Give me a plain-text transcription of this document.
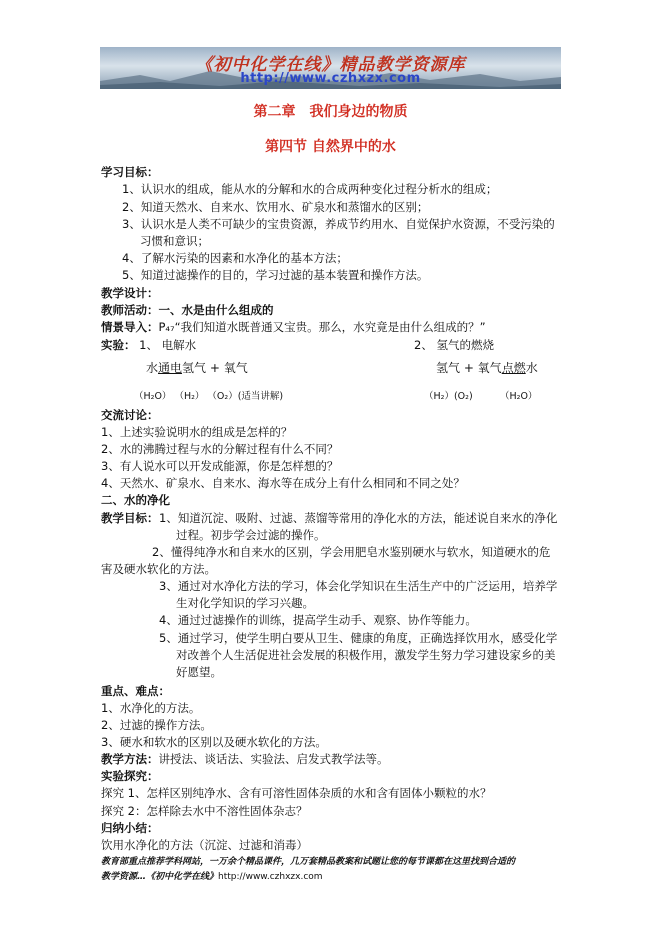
《初中化学在线》精品教学资源库
http://www.czhxzx.com
第二章　我们身边的物质
第四节 自然界中的水
学习目标：
1、认识水的组成，能从水的分解和水的合成两种变化过程分析水的组成；
2、知道天然水、自来水、饮用水、矿泉水和蒸馏水的区别；
3、认识水是人类不可缺少的宝贵资源，养成节约用水、自觉保护水资源，不受污染的
习惯和意识；
4、了解水污染的因素和水净化的基本方法；
5、知道过滤操作的目的，学习过滤的基本装置和操作方法。
教学设计：
教师活动：一、水是由什么组成的
情景导入：P₄₇“我们知道水既普通又宝贵。那么，水究竟是由什么组成的？”
实验： 1、 电解水	2、 氢气的燃烧
水通电氢气 + 氧气	氢气 + 氧气点燃水
（H₂O） （H₂） （O₂）(适当讲解)	（H₂）(O₂)	（H₂O）
交流讨论：
1、上述实验说明水的组成是怎样的？
2、水的沸腾过程与水的分解过程有什么不同？
3、有人说水可以开发成能源，你是怎样想的？
4、天然水、矿泉水、自来水、海水等在成分上有什么相同和不同之处？
二、水的净化
教学目标： 1、知道沉淀、吸附、过滤、蒸馏等常用的净化水的方法，能述说自来水的净化
过程。初步学会过滤的操作。
2、懂得纯净水和自来水的区别，学会用肥皂水鉴别硬水与软水，知道硬水的危
害及硬水软化的方法。
3、通过对水净化方法的学习，体会化学知识在生活生产中的广泛运用，培养学
生对化学知识的学习兴趣。
4、通过过滤操作的训练，提高学生动手、观察、协作等能力。
5、通过学习，使学生明白要从卫生、健康的角度，正确选择饮用水，感受化学
对改善个人生活促进社会发展的积极作用，激发学生努力学习建设家乡的美
好愿望。
重点、难点：
1、水净化的方法。
2、过滤的操作方法。
3、硬水和软水的区别以及硬水软化的方法。
教学方法：讲授法、谈话法、实验法、启发式教学法等。
实验探究：
探究 1、怎样区别纯净水、含有可溶性固体杂质的水和含有固体小颗粒的水？
探究 2：怎样除去水中不溶性固体杂志？
归纳小结：
饮用水净化的方法（沉淀、过滤和消毒）
教育部重点推荐学科网站，一万余个精品课件，几万套精品教案和试题让您的每节课都在这里找到合适的
教学资源…《初中化学在线》http://www.czhxzx.com
